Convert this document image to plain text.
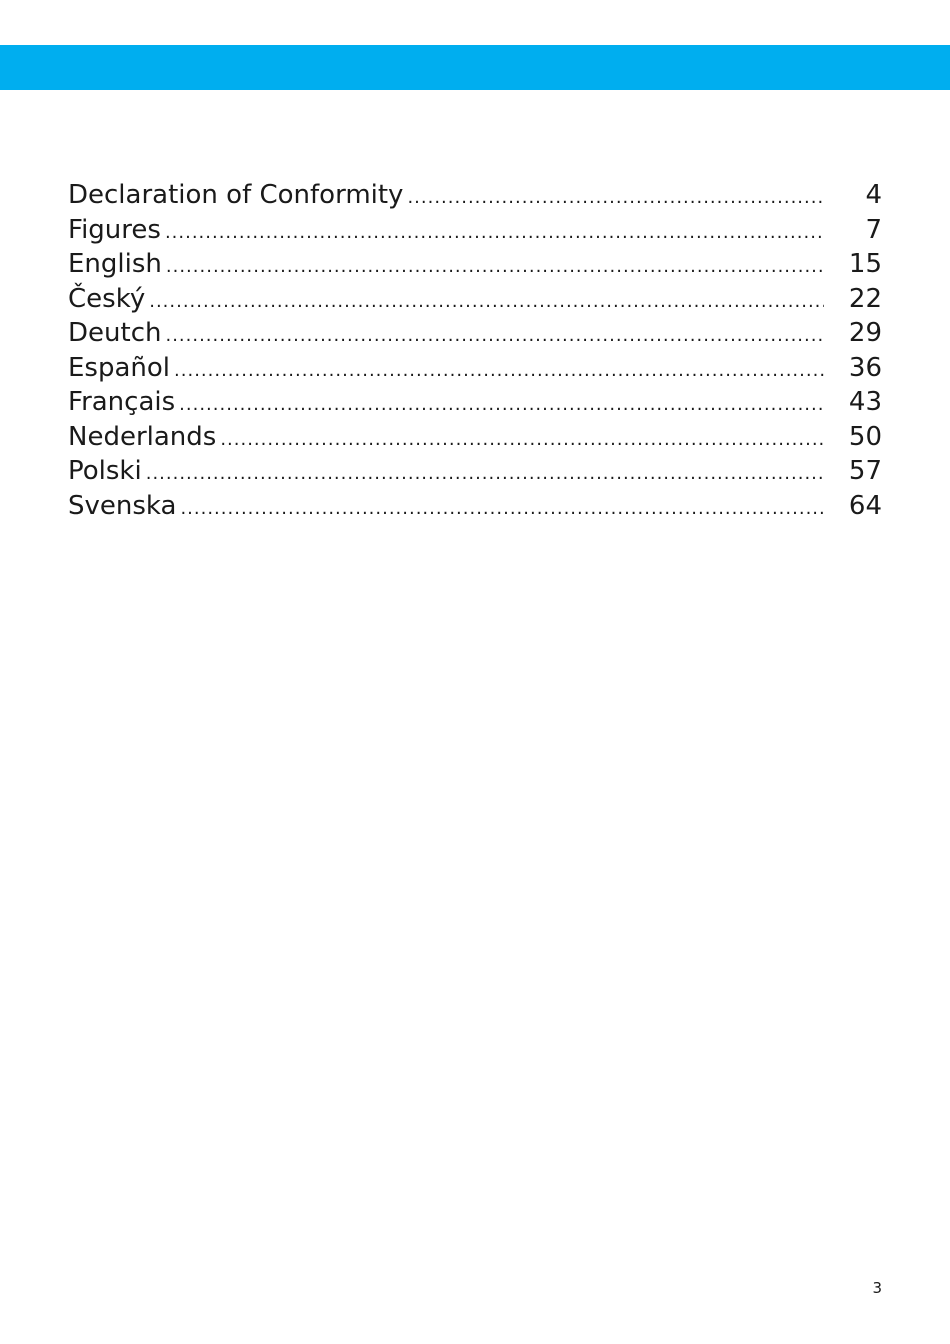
Declaration of Conformity .....	4
Figures .....	7
English .....	15
Český .....	22
Deutch .....	29
Español .....	36
Français .....	43
Nederlands .....	50
Polski .....	57
Svenska .....	64
3
